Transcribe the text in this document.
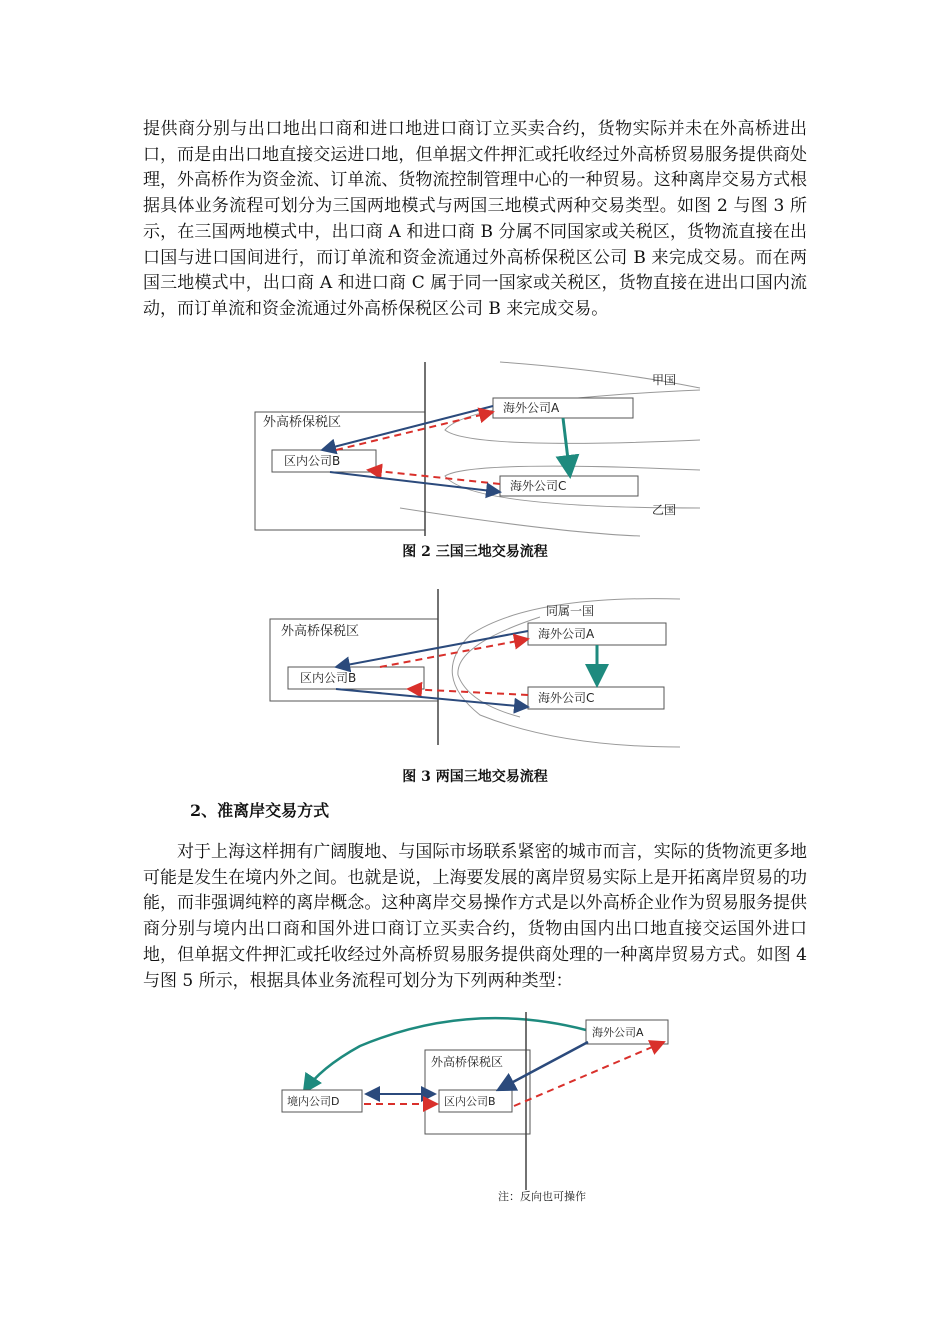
提供商分别与出口地出口商和进口地进口商订立买卖合约，货物实际并未在外高桥进出口，而是由出口地直接交运进口地，但单据文件押汇或托收经过外高桥贸易服务提供商处理，外高桥作为资金流、订单流、货物流控制管理中心的一种贸易。这种离岸交易方式根据具体业务流程可划分为三国两地模式与两国三地模式两种交易类型。如图 2 与图 3 所示，在三国两地模式中，出口商 A 和进口商 B 分属不同国家或关税区，货物流直接在出口国与进口国间进行，而订单流和资金流通过外高桥保税区公司 B 来完成交易。而在两国三地模式中，出口商 A 和进口商 C 属于同一国家或关税区，货物直接在进出口国内流动，而订单流和资金流通过外高桥保税区公司 B 来完成交易。

外高桥保税区
区内公司B
海外公司A
海外公司C
甲国
乙国

图 2 三国三地交易流程

外高桥保税区
区内公司B
海外公司A
海外公司C
同属一国

图 3 两国三地交易流程

2、准离岸交易方式

对于上海这样拥有广阔腹地、与国际市场联系紧密的城市而言，实际的货物流更多地可能是发生在境内外之间。也就是说，上海要发展的离岸贸易实际上是开拓离岸贸易的功能，而非强调纯粹的离岸概念。这种离岸交易操作方式是以外高桥企业作为贸易服务提供商分别与境内出口商和国外进口商订立买卖合约，货物由国内出口地直接交运国外进口地，但单据文件押汇或托收经过外高桥贸易服务提供商处理的一种离岸贸易方式。如图 4 与图 5 所示，根据具体业务流程可划分为下列两种类型：

外高桥保税区
境内公司D	区内公司B
海外公司A
注：反向也可操作
